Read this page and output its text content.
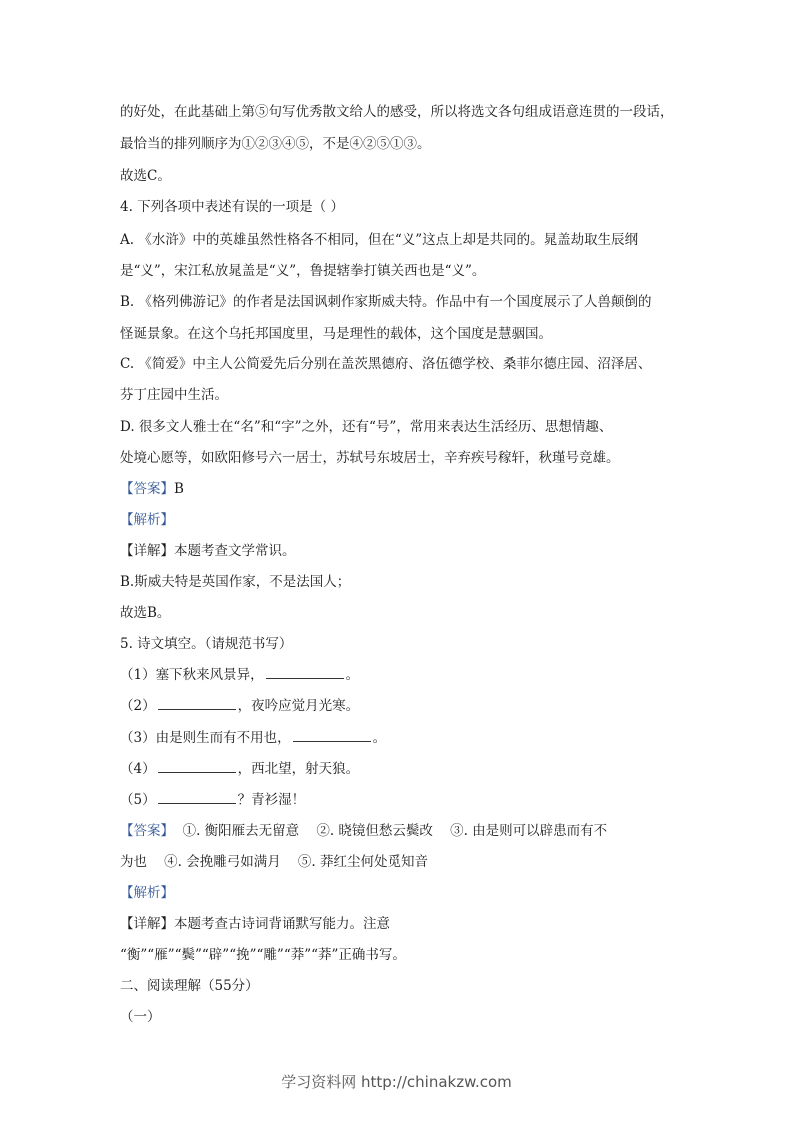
的好处，在此基础上第⑤句写优秀散文给人的感受，所以将选文各句组成语意连贯的一段话，
最恰当的排列顺序为①②③④⑤，不是④②⑤①③。
故选C。
4. 下列各项中表述有误的一项是（ ）
A. 《水浒》中的英雄虽然性格各不相同，但在“义”这点上却是共同的。晁盖劫取生辰纲
是“义”，宋江私放晁盖是“义”，鲁提辖拳打镇关西也是“义”。
B. 《格列佛游记》的作者是法国讽刺作家斯威夫特。作品中有一个国度展示了人兽颠倒的
怪诞景象。在这个乌托邦国度里，马是理性的载体，这个国度是慧骃国。
C. 《简爱》中主人公简爱先后分别在盖茨黑德府、洛伍德学校、桑菲尔德庄园、沼泽居、
芬丁庄园中生活。
D. 很多文人雅士在“名”和“字”之外，还有“号”，常用来表达生活经历、思想情趣、
处境心愿等，如欧阳修号六一居士，苏轼号东坡居士，辛弃疾号稼轩，秋瑾号竞雄。
【答案】B
【解析】
【详解】本题考查文学常识。
B.斯威夫特是英国作家，不是法国人；
故选B。
5. 诗文填空。（请规范书写）
（1）塞下秋来风景异，	。
（2）	，夜吟应觉月光寒。
（3）由是则生而有不用也，	。
（4）	，西北望，射天狼。
（5）	？青衫湿！
【答案】  ①. 衡阳雁去无留意    ②. 晓镜但愁云鬓改    ③. 由是则可以辟患而有不
为也    ④. 会挽雕弓如满月    ⑤. 莽红尘何处觅知音
【解析】
【详解】本题考查古诗词背诵默写能力。注意
“衡”“雁”“鬓”“辟”“挽”“雕”“莽”“莽”正确书写。
二、阅读理解（55分）
（一）
学习资料网 http://chinakzw.com
